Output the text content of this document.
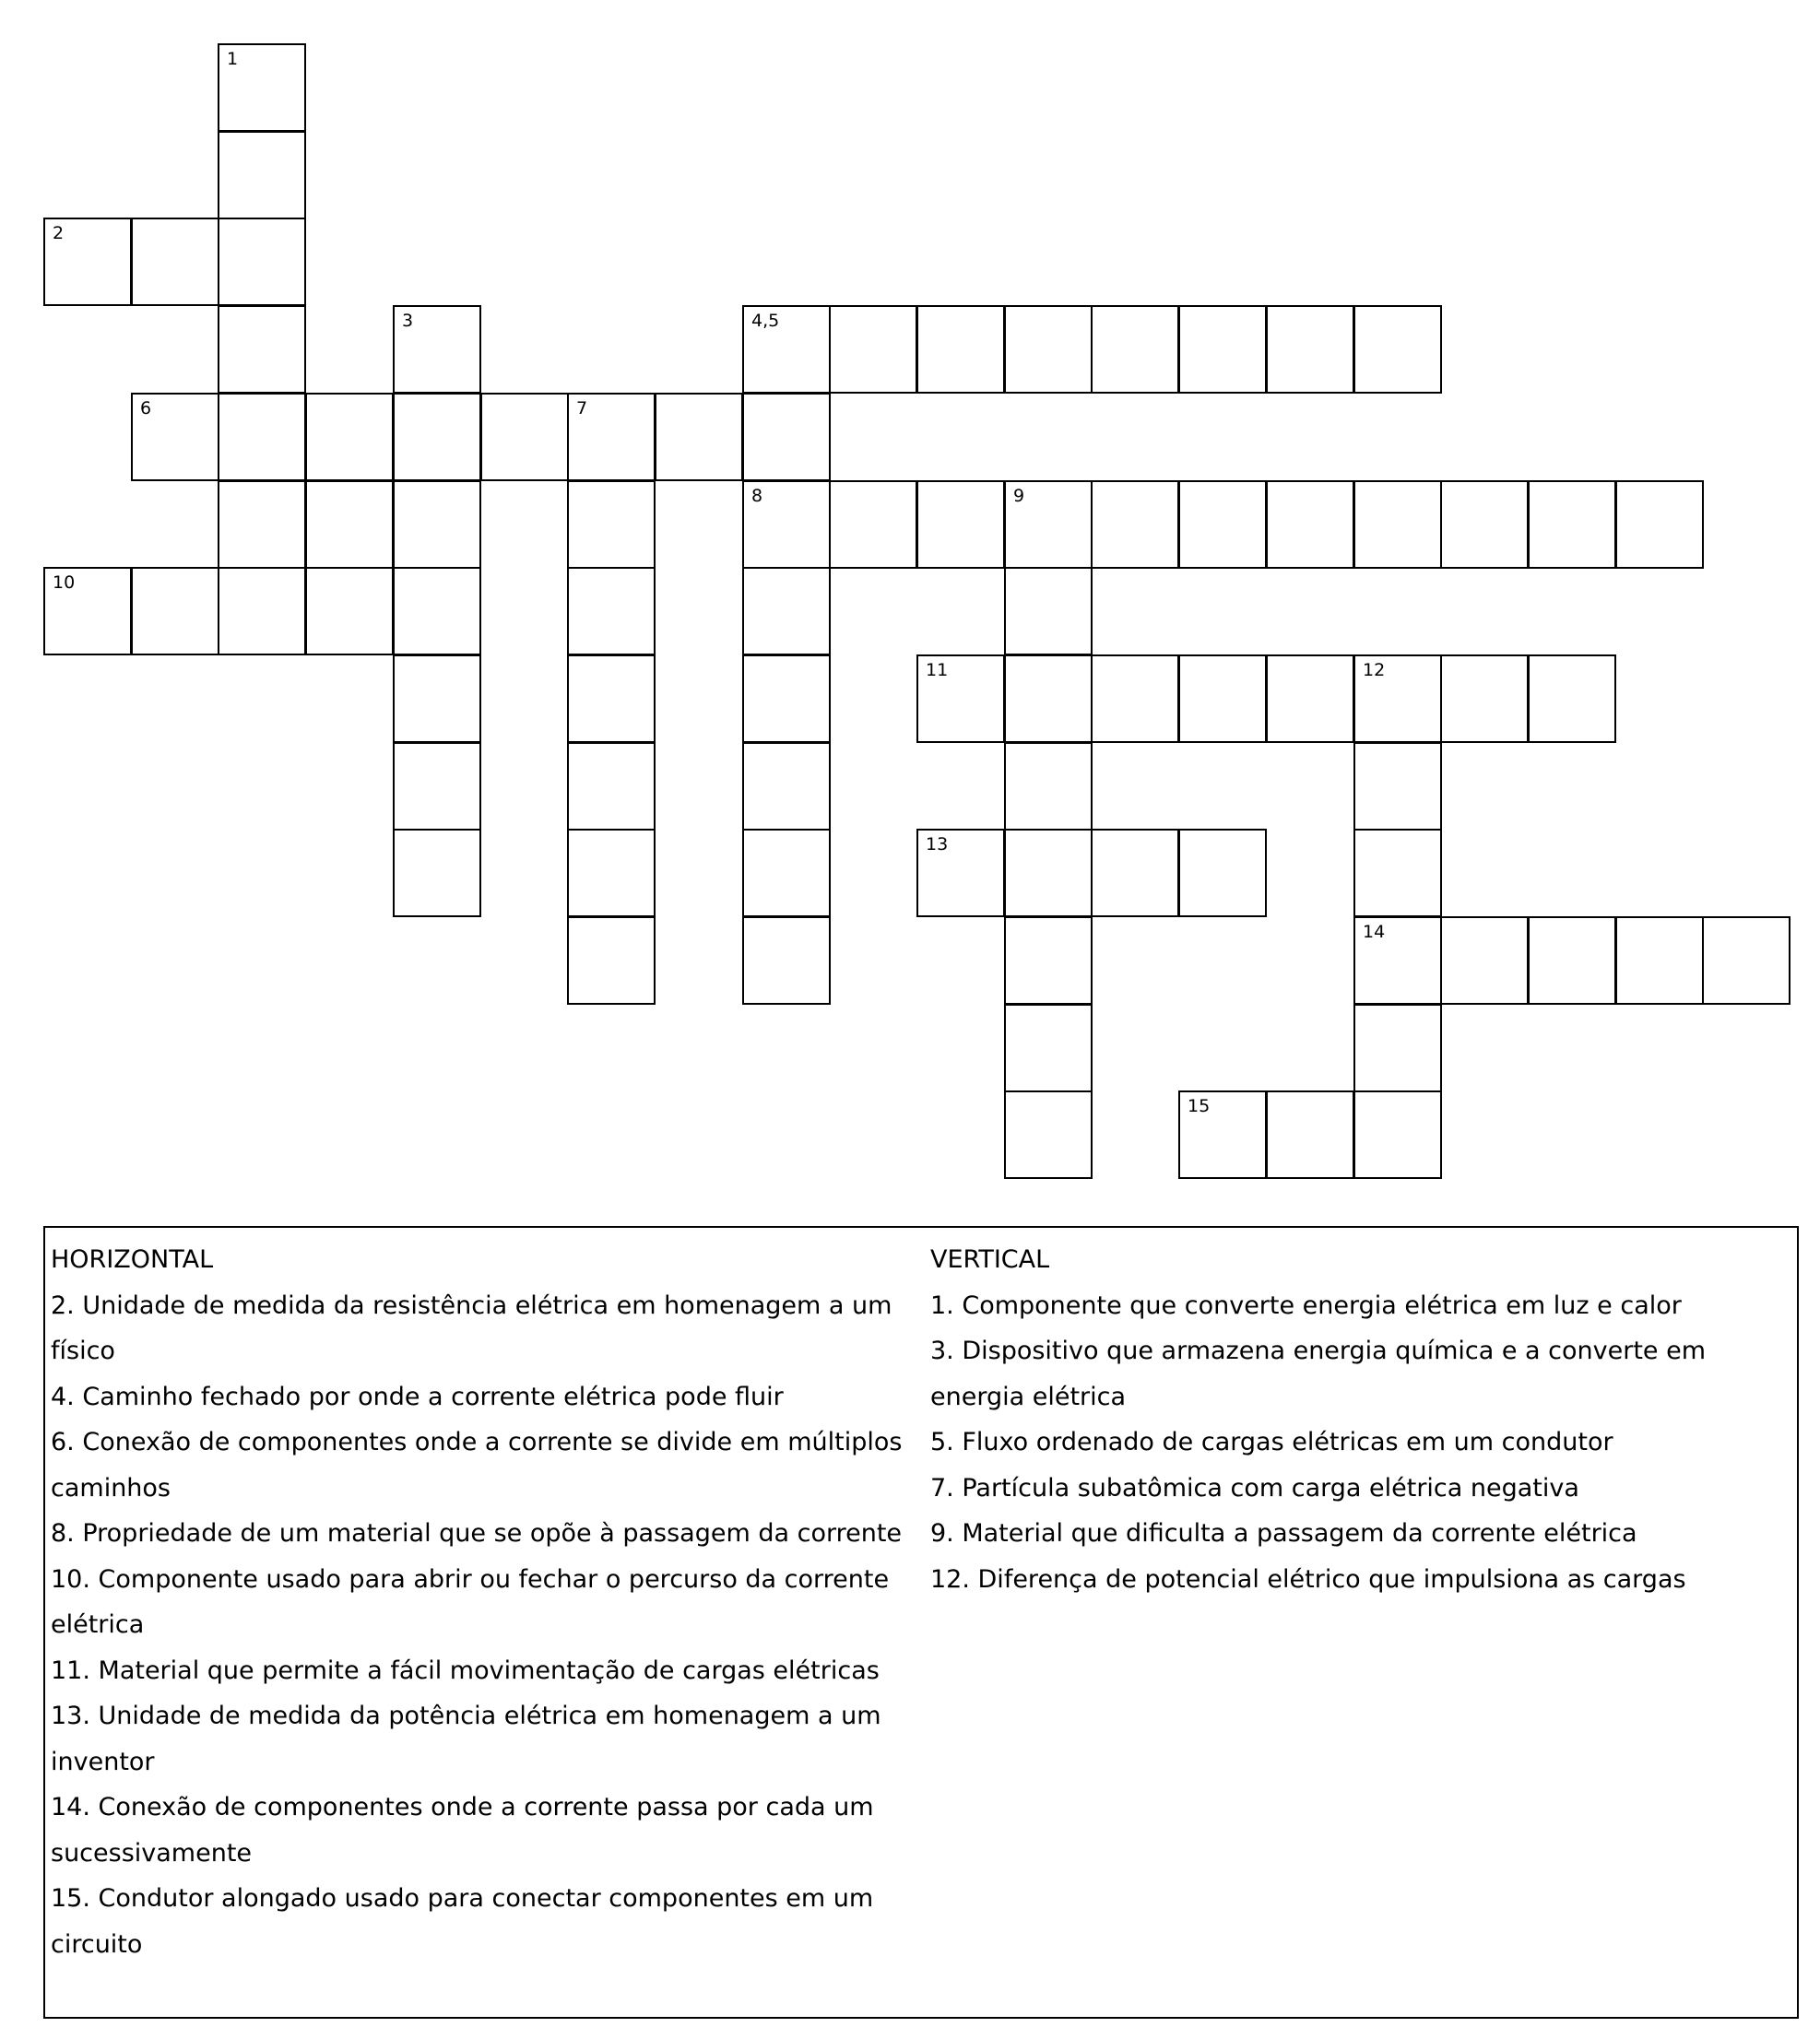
1
2
3	4,5
6	7
8	9
10
11	12
13
14
15

HORIZONTAL

2. Unidade de medida da resistência elétrica em homenagem a um físico

4. Caminho fechado por onde a corrente elétrica pode fluir

6. Conexão de componentes onde a corrente se divide em múltiplos caminhos

8. Propriedade de um material que se opõe à passagem da corrente

10. Componente usado para abrir ou fechar o percurso da corrente elétrica

11. Material que permite a fácil movimentação de cargas elétricas

13. Unidade de medida da potência elétrica em homenagem a um inventor

14. Conexão de componentes onde a corrente passa por cada um sucessivamente

15. Condutor alongado usado para conectar componentes em um circuito

VERTICAL

1. Componente que converte energia elétrica em luz e calor

3. Dispositivo que armazena energia química e a converte em energia elétrica

5. Fluxo ordenado de cargas elétricas em um condutor

7. Partícula subatômica com carga elétrica negativa

9. Material que dificulta a passagem da corrente elétrica

12. Diferença de potencial elétrico que impulsiona as cargas
